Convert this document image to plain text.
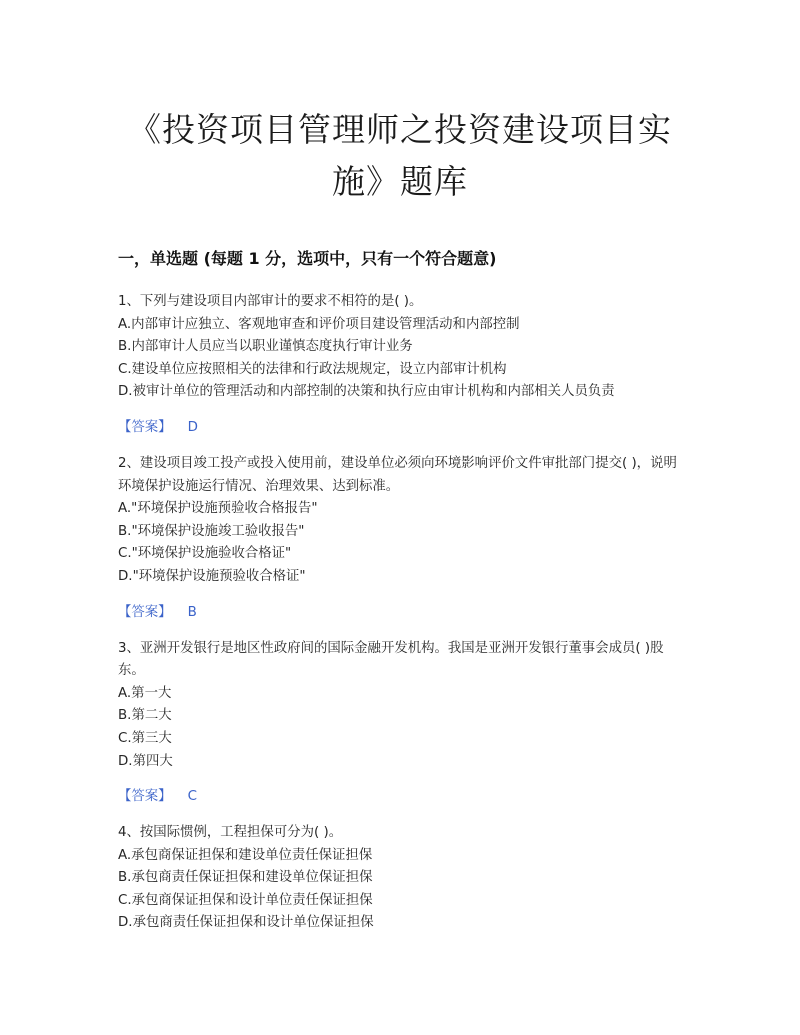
《投资项目管理师之投资建设项目实
施》题库
一，单选题 (每题 1 分，选项中，只有一个符合题意)

1、下列与建设项目内部审计的要求不相符的是( )。

A.内部审计应独立、客观地审查和评价项目建设管理活动和内部控制
B.内部审计人员应当以职业谨慎态度执行审计业务
C.建设单位应按照相关的法律和行政法规规定，设立内部审计机构
D.被审计单位的管理活动和内部控制的决策和执行应由审计机构和内部相关人员负责
【答案】 D

2、建设项目竣工投产或投入使用前，建设单位必须向环境影响评价文件审批部门提交( )，说明环境保护设施运行情况、治理效果、达到标准。

A."环境保护设施预验收合格报告"
B."环境保护设施竣工验收报告"
C."环境保护设施验收合格证"
D."环境保护设施预验收合格证"
【答案】 B

3、亚洲开发银行是地区性政府间的国际金融开发机构。我国是亚洲开发银行董事会成员( )股东。

A.第一大
B.第二大
C.第三大
D.第四大
【答案】 C

4、按国际惯例，工程担保可分为( )。

A.承包商保证担保和建设单位责任保证担保
B.承包商责任保证担保和建设单位保证担保
C.承包商保证担保和设计单位责任保证担保
D.承包商责任保证担保和设计单位保证担保
